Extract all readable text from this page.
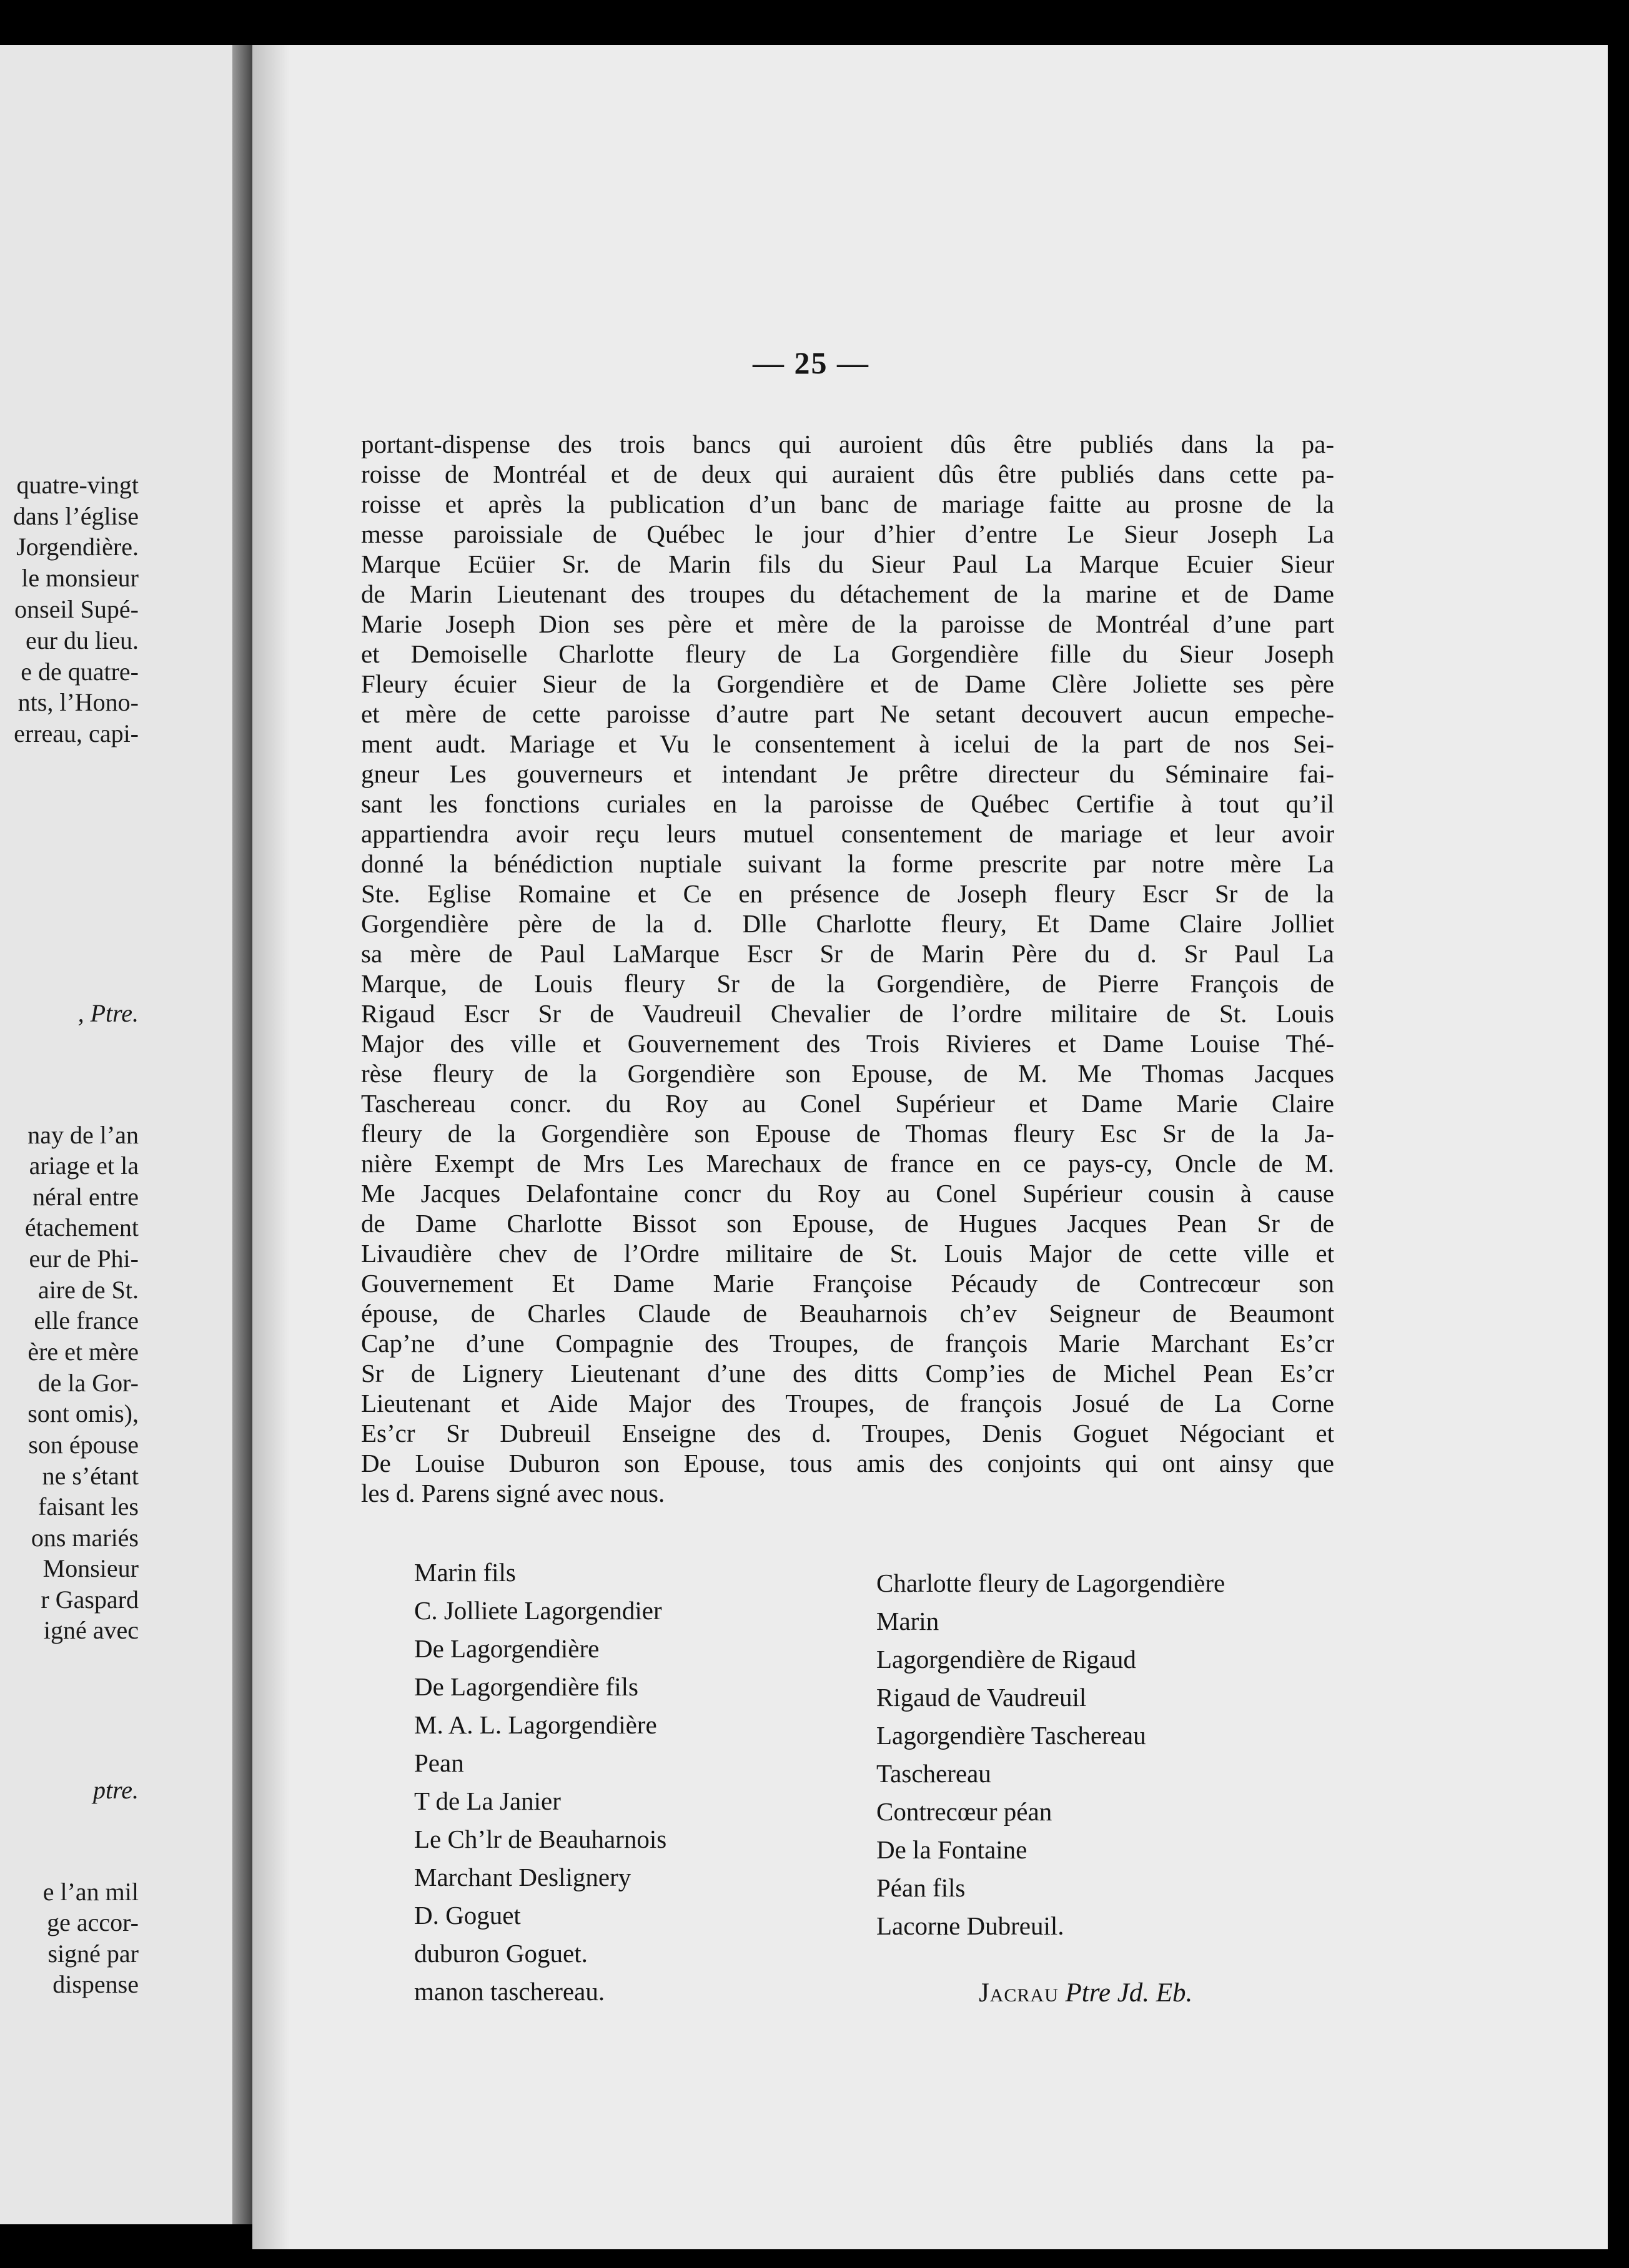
quatre-vingt
dans l’église
Jorgendière.
le monsieur
onseil Supé-
eur du lieu.
e de quatre-
nts, l’Hono-
erreau, capi-
, Ptre.
nay de l’an
ariage et la
néral entre
étachement
eur de Phi-
aire de St.
elle france
ère et mère
de la Gor-
sont omis),
son épouse
ne s’étant
faisant les
ons mariés
Monsieur
r Gaspard
igné avec
ptre.
e l’an mil
ge accor-
signé par
dispense
— 25 —
portant-dispense des trois bancs qui auroient dûs être publiés dans la pa-
roisse de Montréal et de deux qui auraient dûs être publiés dans cette pa-
roisse et après la publication d’un banc de mariage faitte au prosne de la
messe paroissiale de Québec le jour d’hier d’entre Le Sieur Joseph La
Marque Ecüier Sr. de Marin fils du Sieur Paul La Marque Ecuier Sieur
de Marin Lieutenant des troupes du détachement de la marine et de Dame
Marie Joseph Dion ses père et mère de la paroisse de Montréal d’une part
et Demoiselle Charlotte fleury de La Gorgendière fille du Sieur Joseph
Fleury écuier Sieur de la Gorgendière et de Dame Clère Joliette ses père
et mère de cette paroisse d’autre part Ne setant decouvert aucun empeche-
ment audt. Mariage et Vu le consentement à icelui de la part de nos Sei-
gneur Les gouverneurs et intendant Je prêtre directeur du Séminaire fai-
sant les fonctions curiales en la paroisse de Québec Certifie à tout qu’il
appartiendra avoir reçu leurs mutuel consentement de mariage et leur avoir
donné la bénédiction nuptiale suivant la forme prescrite par notre mère La
Ste. Eglise Romaine et Ce en présence de Joseph fleury Escr Sr de la
Gorgendière père de la d. Dlle Charlotte fleury, Et Dame Claire Jolliet
sa mère de Paul LaMarque Escr Sr de Marin Père du d. Sr Paul La
Marque, de Louis fleury Sr de la Gorgendière, de Pierre François de
Rigaud Escr Sr de Vaudreuil Chevalier de l’ordre militaire de St. Louis
Major des ville et Gouvernement des Trois Rivieres et Dame Louise Thé-
rèse fleury de la Gorgendière son Epouse, de M. Me Thomas Jacques
Taschereau concr. du Roy au Conel Supérieur et Dame Marie Claire
fleury de la Gorgendière son Epouse de Thomas fleury Esc Sr de la Ja-
nière Exempt de Mrs Les Marechaux de france en ce pays-cy, Oncle de M.
Me Jacques Delafontaine concr du Roy au Conel Supérieur cousin à cause
de Dame Charlotte Bissot son Epouse, de Hugues Jacques Pean Sr de
Livaudière chev de l’Ordre militaire de St. Louis Major de cette ville et
Gouvernement Et Dame Marie Françoise Pécaudy de Contrecœur son
épouse, de Charles Claude de Beauharnois ch’ev Seigneur de Beaumont
Cap’ne d’une Compagnie des Troupes, de françois Marie Marchant Es’cr
Sr de Lignery Lieutenant d’une des ditts Comp’ies de Michel Pean Es’cr
Lieutenant et Aide Major des Troupes, de françois Josué de La Corne
Es’cr Sr Dubreuil Enseigne des d. Troupes, Denis Goguet Négociant et
De Louise Duburon son Epouse, tous amis des conjoints qui ont ainsy que
les d. Parens signé avec nous.
Marin fils
C. Jolliete Lagorgendier
De Lagorgendière
De Lagorgendière fils
M. A. L. Lagorgendière
Pean
T de La Janier
Le Ch’lr de Beauharnois
Marchant Deslignery
D. Goguet
duburon Goguet.
manon taschereau.
Charlotte fleury de Lagorgendière
Marin
Lagorgendière de Rigaud
Rigaud de Vaudreuil
Lagorgendière Taschereau
Taschereau
Contrecœur péan
De la Fontaine
Péan fils
Lacorne Dubreuil.
Jacrau Ptre Jd. Eb.
